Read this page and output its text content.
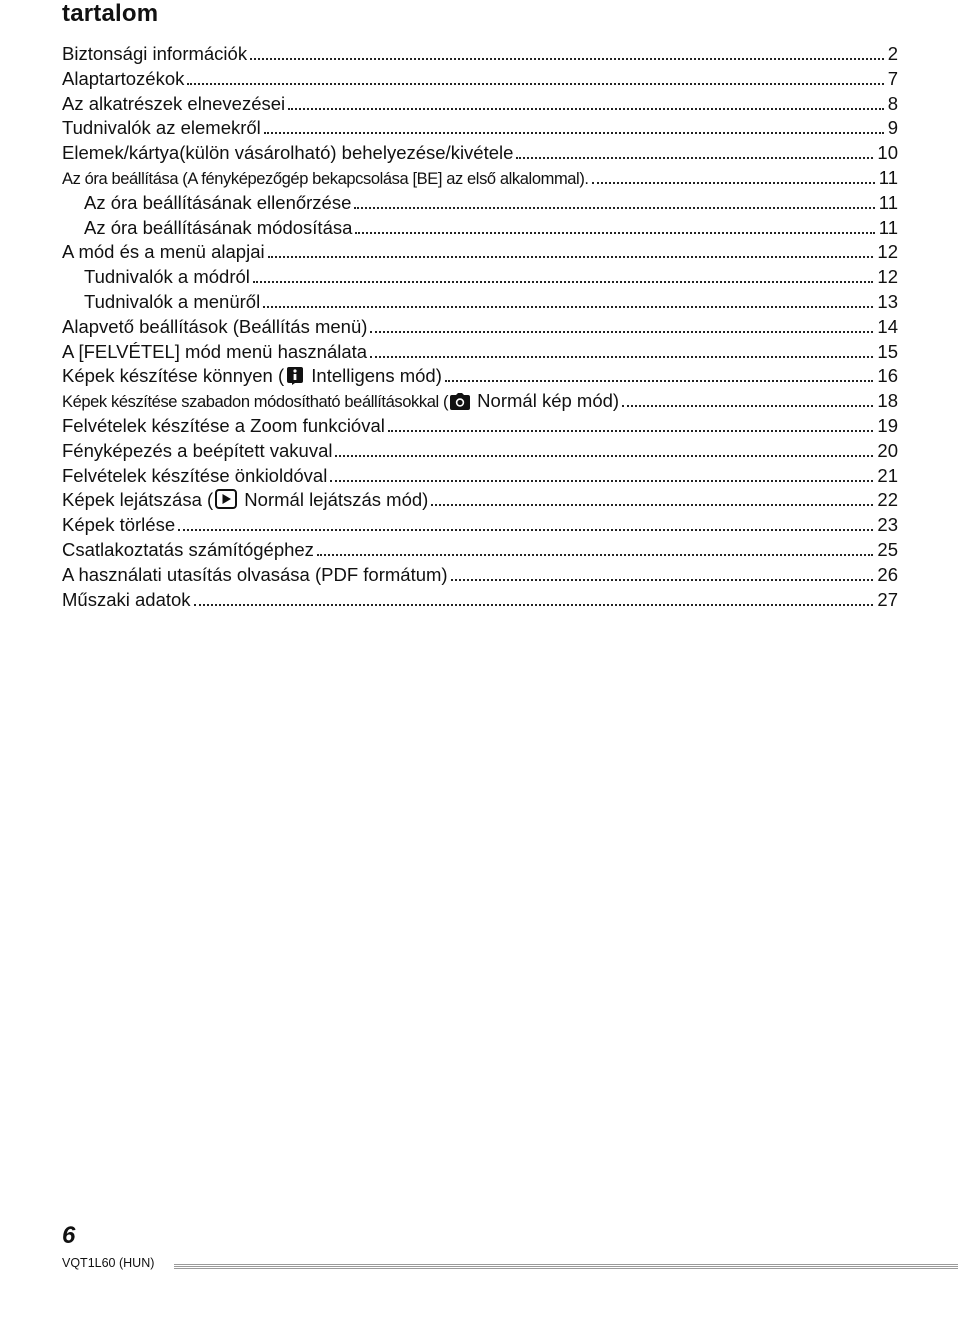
tartalom
Biztonsági információk	2
Alaptartozékok	7
Az alkatrészek elnevezései	8
Tudnivalók az elemekről	9
Elemek/kártya(külön vásárolható) behelyezése/kivétele	10
Az óra beállítása (A fényképezőgép bekapcsolása [BE] az első alkalommal).	11
Az óra beállításának ellenőrzése	11
Az óra beállításának módosítása	11
A mód és a menü alapjai	12
Tudnivalók a módról	12
Tudnivalók a menüről	13
Alapvető beállítások (Beállítás menü)	14
A [FELVÉTEL] mód menü használata	15
Képek készítése könnyen ( Intelligens mód)	16
Képek készítése szabadon módosítható beállításokkal ( Normál kép mód)	18
Felvételek készítése a Zoom funkcióval	19
Fényképezés a beépített vakuval	20
Felvételek készítése önkioldóval	21
Képek lejátszása ( Normál lejátszás mód)	22
Képek törlése	23
Csatlakoztatás számítógéphez	25
A használati utasítás olvasása (PDF formátum)	26
Műszaki adatok	27
6
VQT1L60 (HUN)
